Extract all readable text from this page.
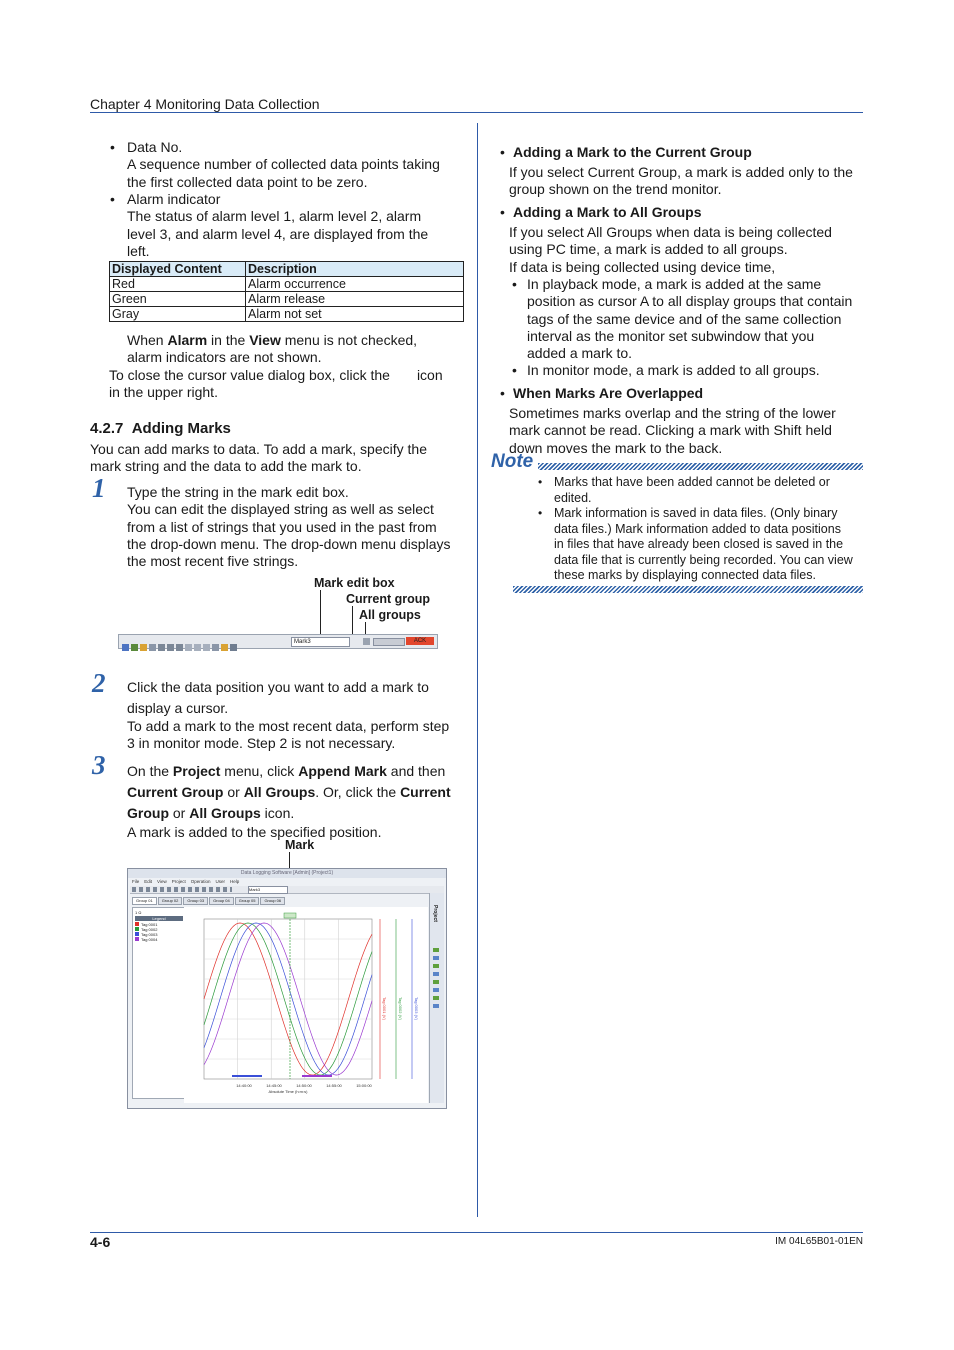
Chapter 4 Monitoring Data Collection
4-6	IM 04L65B01-01EN
• Data No.
A sequence number of collected data points taking
the first collected data point to be zero.
• Alarm indicator
The status of alarm level 1, alarm level 2, alarm
level 3, and alarm level 4, are displayed from the
left.
Displayed Content	Description
Red	Alarm occurrence
Green	Alarm release
Gray	Alarm not set
When Alarm in the View menu is not checked,
alarm indicators are not shown.
To close the cursor value dialog box, click the icon
in the upper right.
4.2.7 Adding Marks
You can add marks to data. To add a mark, specify the
mark string and the data to add the mark to.
1 Type the string in the mark edit box.
You can edit the displayed string as well as select
from a list of strings that you used in the past from
the drop-down menu. The drop-down menu displays
the most recent five strings.
Mark edit box
Current group
All groups
Mark3	ACK
2 Click the data position you want to add a mark to
display a cursor.
To add a mark to the most recent data, perform step
3 in monitor mode. Step 2 is not necessary.
3 On the Project menu, click Append Mark and then
Current Group or All Groups. Or, click the Current
Group or All Groups icon.
A mark is added to the specified position.
Mark
Data Logging Software [Admin] (Project1)
File Edit View Project Operation User Help
Mark3
Group 01 Group 02 Group 03 Group 04 Group 05 Group 06
1 Ω
Legend
Tag 0001
Tag 0002
Tag 0003
Tag 0004
Tag 0001 (V)	Tag 0002 (V)	Tag 0003 (V)
14:40:00	14:45:00	14:50:00	14:55:00	15:00:00
Absolute Time (h:m:s)
Project
• Adding a Mark to the Current Group
If you select Current Group, a mark is added only to the
group shown on the trend monitor.
• Adding a Mark to All Groups
If you select All Groups when data is being collected
using PC time, a mark is added to all groups.
If data is being collected using device time,
• In playback mode, a mark is added at the same
position as cursor A to all display groups that contain
tags of the same device and of the same collection
interval as the monitor set subwindow that you
added a mark to.
• In monitor mode, a mark is added to all groups.
• When Marks Are Overlapped
Sometimes marks overlap and the string of the lower
mark cannot be read. Clicking a mark with Shift held
down moves the mark to the back.
Note
• Marks that have been added cannot be deleted or
edited.
• Mark information is saved in data files. (Only binary
data files.) Mark information added to data positions
in files that have already been closed is saved in the
data file that is currently being recorded. You can view
these marks by displaying connected data files.
